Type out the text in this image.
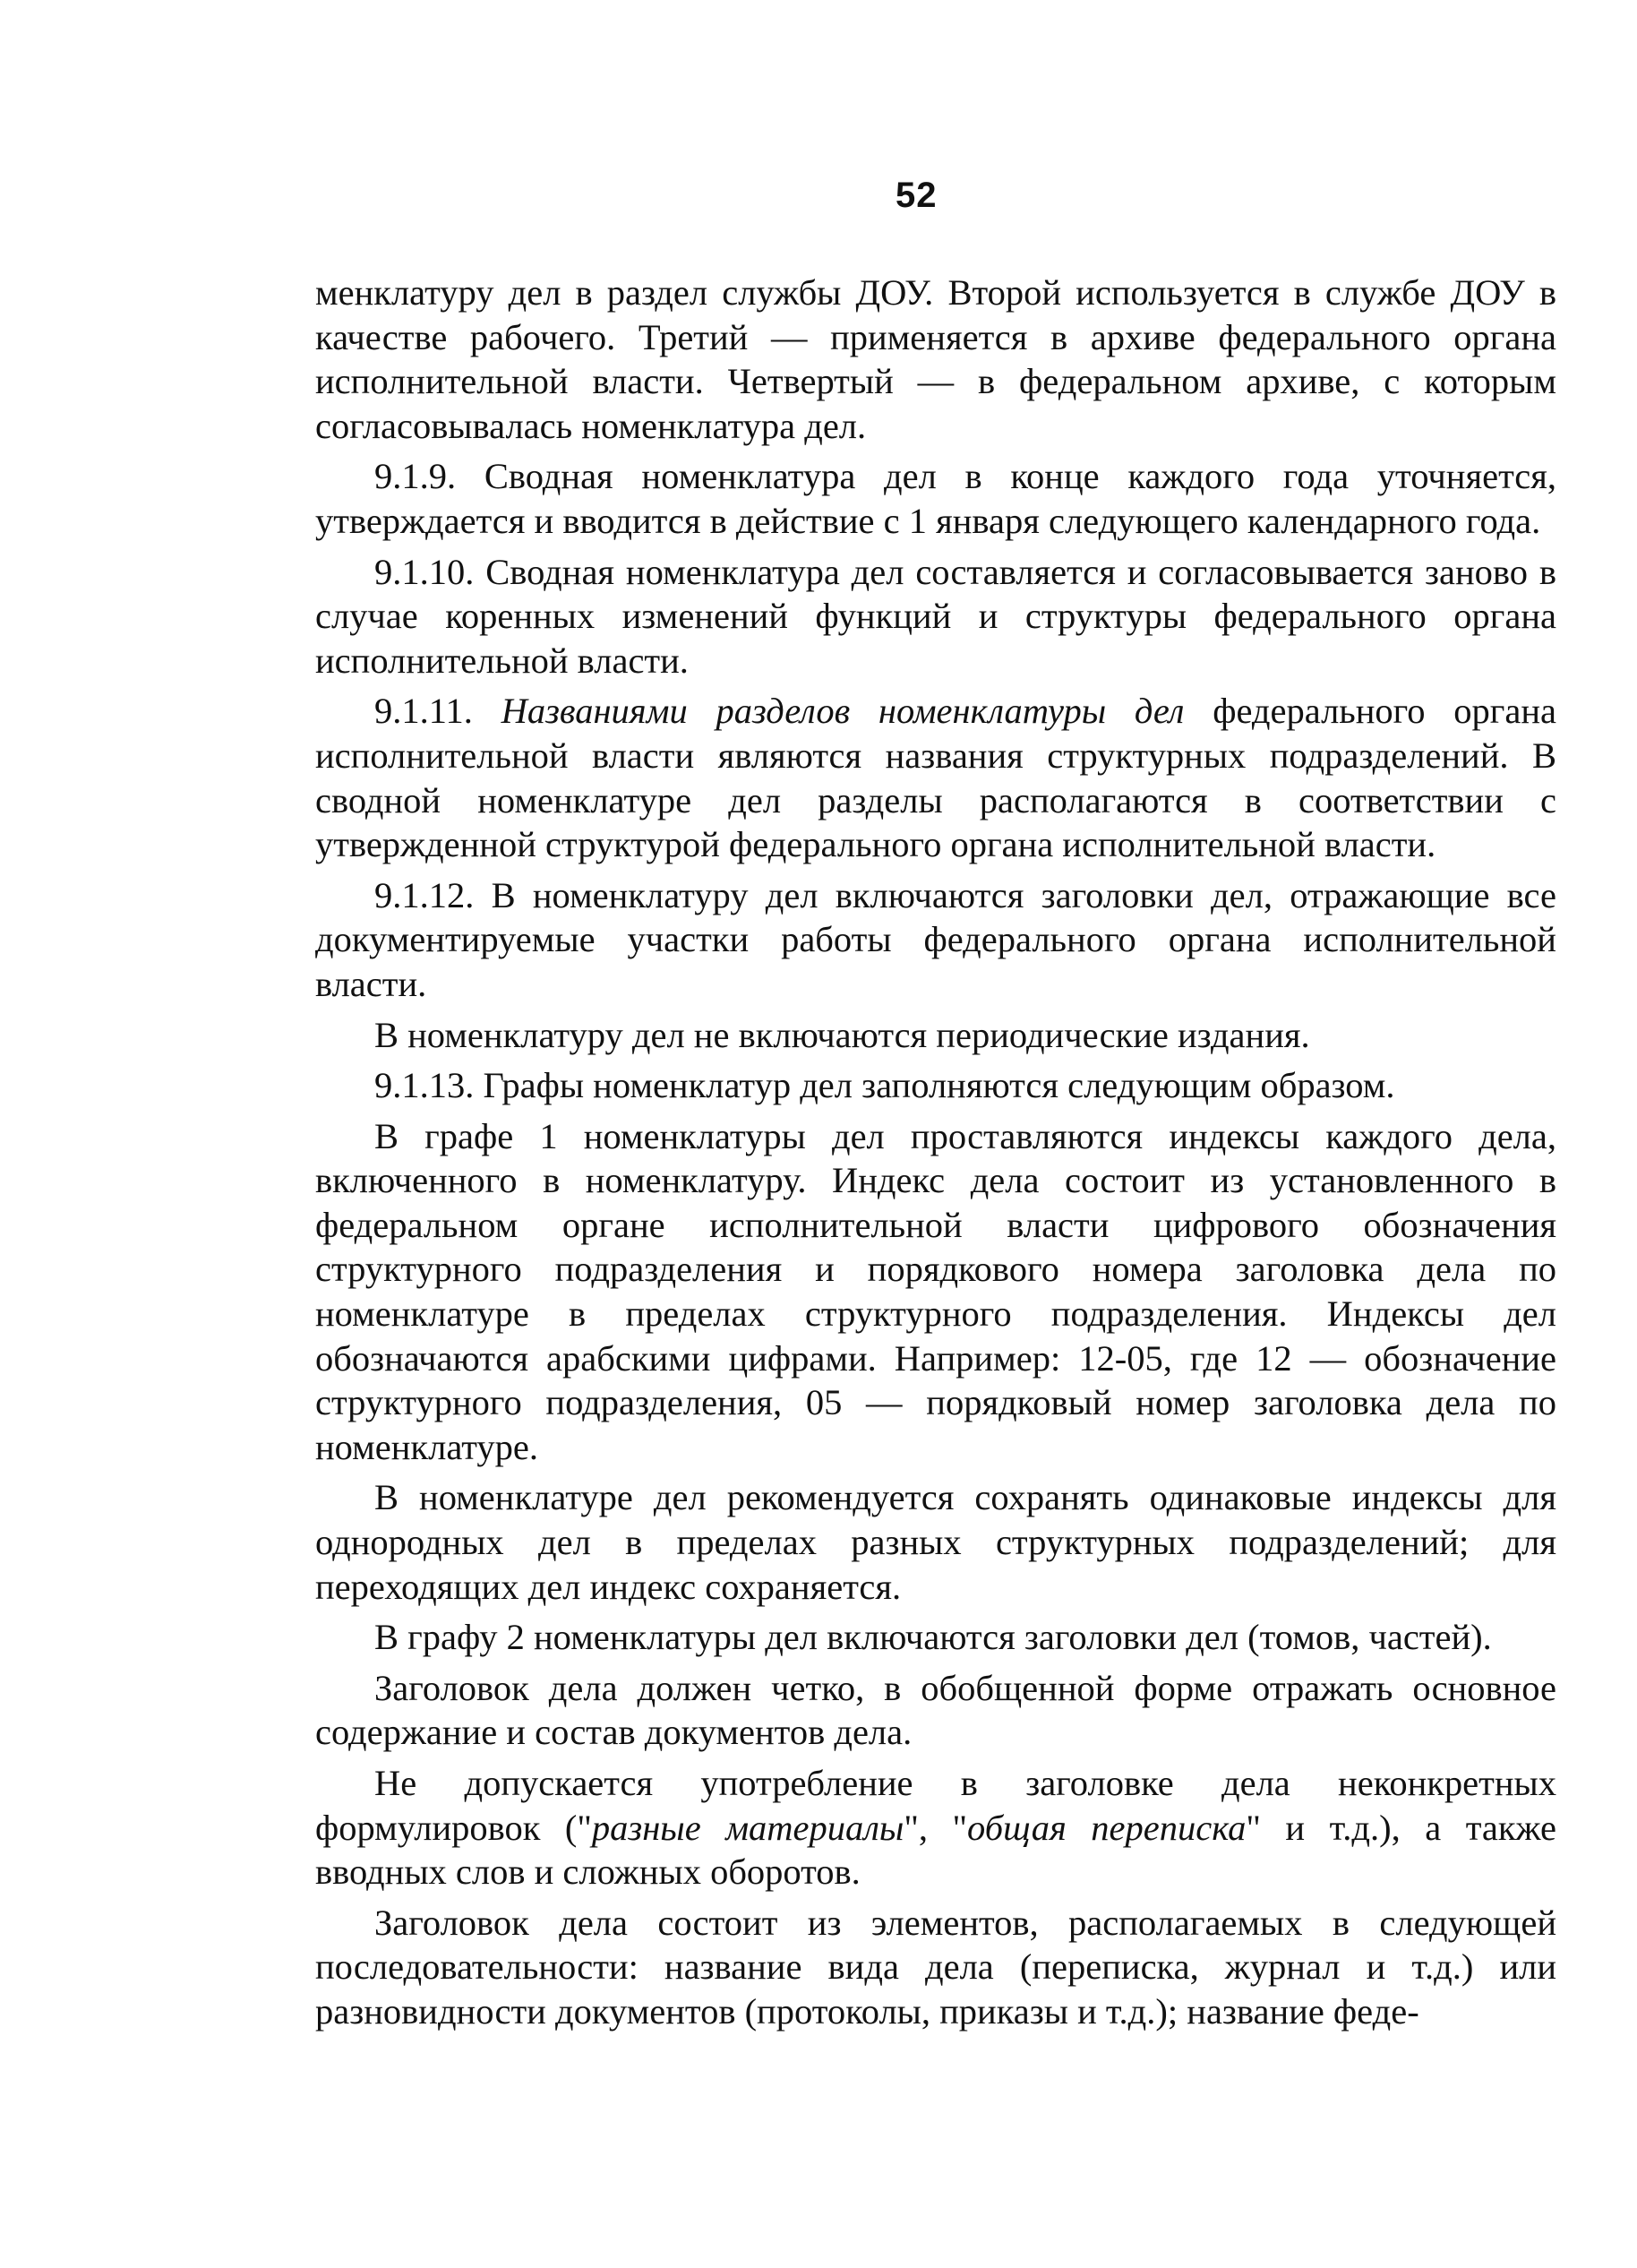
52

менклатуру дел в раздел службы ДОУ. Второй используется в службе ДОУ в качестве рабочего. Третий — применяется в архиве федерального органа исполнительной власти. Четвертый — в федеральном архиве, с которым согласовывалась номенклатура дел.

9.1.9. Сводная номенклатура дел в конце каждого года уточняется, утверждается и вводится в действие с 1 января следующего календарного года.

9.1.10. Сводная номенклатура дел составляется и согласовывается заново в случае коренных изменений функций и структуры федерального органа исполнительной власти.

9.1.11. Названиями разделов номенклатуры дел федерального органа исполнительной власти являются названия структурных подразделений. В сводной номенклатуре дел разделы располагаются в соответствии с утвержденной структурой федерального органа исполнительной власти.

9.1.12. В номенклатуру дел включаются заголовки дел, отражающие все документируемые участки работы федерального органа исполнительной власти.

В номенклатуру дел не включаются периодические издания.

9.1.13. Графы номенклатур дел заполняются следующим образом.

В графе 1 номенклатуры дел проставляются индексы каждого дела, включенного в номенклатуру. Индекс дела состоит из установленного в федеральном органе исполнительной власти цифрового обозначения структурного подразделения и порядкового номера заголовка дела по номенклатуре в пределах структурного подразделения. Индексы дел обозначаются арабскими цифрами. Например: 12-05, где 12 — обозначение структурного подразделения, 05 — порядковый номер заголовка дела по номенклатуре.

В номенклатуре дел рекомендуется сохранять одинаковые индексы для однородных дел в пределах разных структурных подразделений; для переходящих дел индекс сохраняется.

В графу 2 номенклатуры дел включаются заголовки дел (томов, частей).

Заголовок дела должен четко, в обобщенной форме отражать основное содержание и состав документов дела.

Не допускается употребление в заголовке дела неконкретных формулировок ("разные материалы", "общая переписка" и т.д.), а также вводных слов и сложных оборотов.

Заголовок дела состоит из элементов, располагаемых в следующей последовательности: название вида дела (переписка, журнал и т.д.) или разновидности документов (протоколы, приказы и т.д.); название феде-
